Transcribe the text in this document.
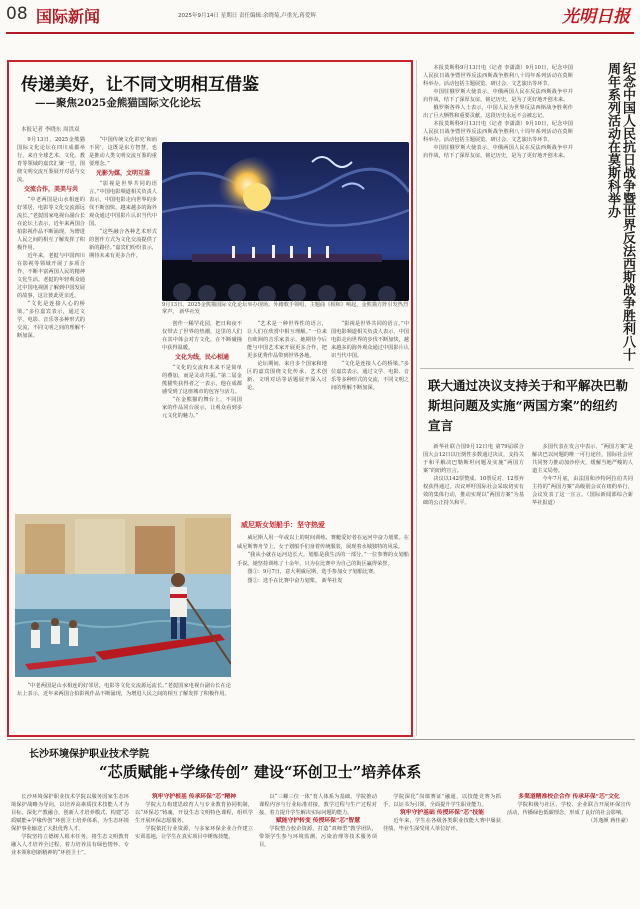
08 国际新闻	2025年9月14日 星期日 责任编辑:余晓菊,卢重光,蒋爱辉	光明日报
传递美好，让不同文明相互借鉴
——聚焦2025金熊猫国际文化论坛
本报记者 李晓东 周洪双
9月13日，2025金熊猫国际文化论坛在四川成都举行，来自全球艺术、文化、教育等领域的嘉宾汇聚一堂，围绕文明交流互鉴展开对话与交流。
交流合作，美美与共
“中老两国是山水相连的好邻居，电影等文化交流源远流长。”老挝国家电视台副台长在论坛上表示，近年来两国合拍影视作品不断涌现，为增进人民之间的相互了解发挥了积极作用。
近年来，老挝与中国四川在影视等领域开展了多项合作，不断丰富两国人民的精神文化生活。老挝的年轻观众通过中国电视剧了解到中国发展的故事，这让彼此更亲近。
“文化是连接人心的桥梁。”多位嘉宾表示，通过文学、电影、音乐等多种形式的交流，不同文明之间的理解不断加深。
“中国传统文化讲究‘和而不同’，这既是东方智慧，也是推动人类文明交流互鉴的重要理念。”
光影为媒，文明互鉴
“影视是世界共同的语言。”中国电影频道相关负责人表示，中国电影走向世界的步伐不断加快，越来越多的海外观众通过中国影片认识当代中国。
“这些融合各种艺术形式的创作方式为文化交流提供了新的路径。”嘉宾们纷纷表示，期待未来有更多合作。
9月13日，2025金熊猫国际文化论坛举办现场。外籍歌手领唱，主题曲《相和》响起，金熊猫方阵引发热烈掌声。 新华社发
创作一稀罕花园，把日和夜不仅带去了世界的热潮，这里的人们在其中体会对方文化，在不断碰撞中获得温暖。
文化为线，民心相通
“文化的交流和未来不是简单的叠加，而是灵动共振。”第二届金熊猫奖获得者之一表示，他在成都感受到了这座城市的包容与活力。
“在金熊猫的舞台上，不同国家的作品同台展示，让观众看到多元文化的魅力。”
“艺术是一种世界性的语言，让人们在欣赏中相互理解。”一位来自欧洲的音乐家表示，她期待今后能与中国艺术家开展更多合作，把更多优秀作品带到世界各地。
论坛期间，来自多个国家和地区的嘉宾围绕文化传承、艺术创新、文明对话等话题展开深入讨论。
“影视是世界共同的语言。”中国电影频道相关负责人表示，中国电影走向世界的步伐不断加快，越来越多的海外观众通过中国影片认识当代中国。
“文化是连接人心的桥梁。”多位嘉宾表示，通过文学、电影、音乐等多种形式的交流，不同文明之间的理解不断加深。
威尼斯女划船手：坚守热爱
威尼斯人用一年或以上的时间训练，赛艇爱好者在运河中奋力划桨。在威尼斯赛舟节上，女子划船手们身着传统服装，展现着水城独特的风采。
“我从小就在运河边长大，划船是我生活的一部分。”一位参赛的女划船手说。她坚持训练了十余年，只为在比赛中为自己的街区赢得荣誉。
图①：9月7日，意大利威尼斯，选手参加女子划船比赛。
图②：选手在比赛中奋力划桨。 新华社发
“中老两国是山水相连的好邻居，电影等文化交流源远流长。”老挝国家电视台副台长在论坛上表示，近年来两国合拍影视作品不断涌现，为增进人民之间的相互了解发挥了积极作用。
本报莫斯科9月13日电（记者 李潇潇）9月10日，纪念中国人民抗日战争暨世界反法西斯战争胜利八十周年系列活动在莫斯科举办。活动包括主题展览、研讨会、文艺演出等环节。
中国驻俄罗斯大使表示，中俄两国人民在反法西斯战争中并肩作战，结下了深厚友谊。铭记历史，是为了更好地开创未来。
俄罗斯各界人士表示，中国人民为世界反法西斯战争胜利作出了巨大牺牲和重要贡献，这段历史永远不会被忘记。
本报莫斯科9月13日电（记者 李潇潇）9月10日，纪念中国人民抗日战争暨世界反法西斯战争胜利八十周年系列活动在莫斯科举办。活动包括主题展览、研讨会、文艺演出等环节。
中国驻俄罗斯大使表示，中俄两国人民在反法西斯战争中并肩作战，结下了深厚友谊。铭记历史，是为了更好地开创未来。	纪念中国人民抗日战争暨世界反法西斯战争胜利八十周年系列活动在莫斯科举办
联大通过决议支持关于和平解决巴勒斯坦问题及实施“两国方案”的纽约宣言
新华社联合国9月12日电 第79届联合国大会12日以压倒性多数通过决议，支持关于和平解决巴勒斯坦问题及实施“两国方案”的纽约宣言。
决议以142票赞成、10票反对、12票弃权获得通过。决议呼吁国际社会采取切实有效的集体行动，推动实现以“两国方案”为基础的公正持久和平。
多国代表在发言中表示，“两国方案”是解决巴以问题的唯一可行途径，国际社会应共同努力推动加沙停火，缓解当地严峻的人道主义局势。
今年7月底，由法国和沙特阿拉伯共同主持的“两国方案”高级别会议在纽约举行，会议发表了这一宣言。（国际新闻部综合新华社报道）
长沙环境保护职业技术学院
“芯质赋能+学缘传创” 建设“环创卫士”培养体系
长沙环境保护职业技术学院以服务国家生态环境保护战略为导向，以培养高素质技术技能人才为目标，深化产教融合，创新人才培养模式，构建“芯质赋能+学缘传创”环创卫士培养体系，为生态环境保护事业输送了大批优秀人才。
学院坚持立德树人根本任务，将生态文明教育融入人才培养全过程，着力培养具有绿色情怀、专业本领和创新精神的“环创卫士”。
筑牢守护根基 传承环保“芯”精神
学院大力构建思政育人与专业教育协同机制，以“环保芯”铸魂，开设生态文明特色课程，组织学生开展环保志愿服务。
学院依托行业资源，与多家环保企业合作建立实训基地，让学生在真实项目中锤炼技能。
以“三螺三位一体”育人体系为基础，学院推动课程内容与行业标准对接，教学过程与生产过程对接，着力提升学生解决实际问题的能力。
赋能守护转变 传授环保“芯”智慧
学院整合校企资源，打造“双师型”教学团队，带领学生参与环境监测、污染治理等技术服务项目。
学院深化“岗课赛证”融通，以技能竞赛为抓手，以证书为引领，全面提升学生职业能力。
筑牢守护基础 传授环保“芯”技能
近年来，学生在各级各类职业技能大赛中屡获佳绩，毕业生深受用人单位好评。
多渠道精准校企合作 传承环保“芯”文化
学院积极与社区、学校、企业联合开展环保宣传活动，传播绿色低碳理念，形成了良好的社会影响。
（苏逸颜 蒋佳豪）
